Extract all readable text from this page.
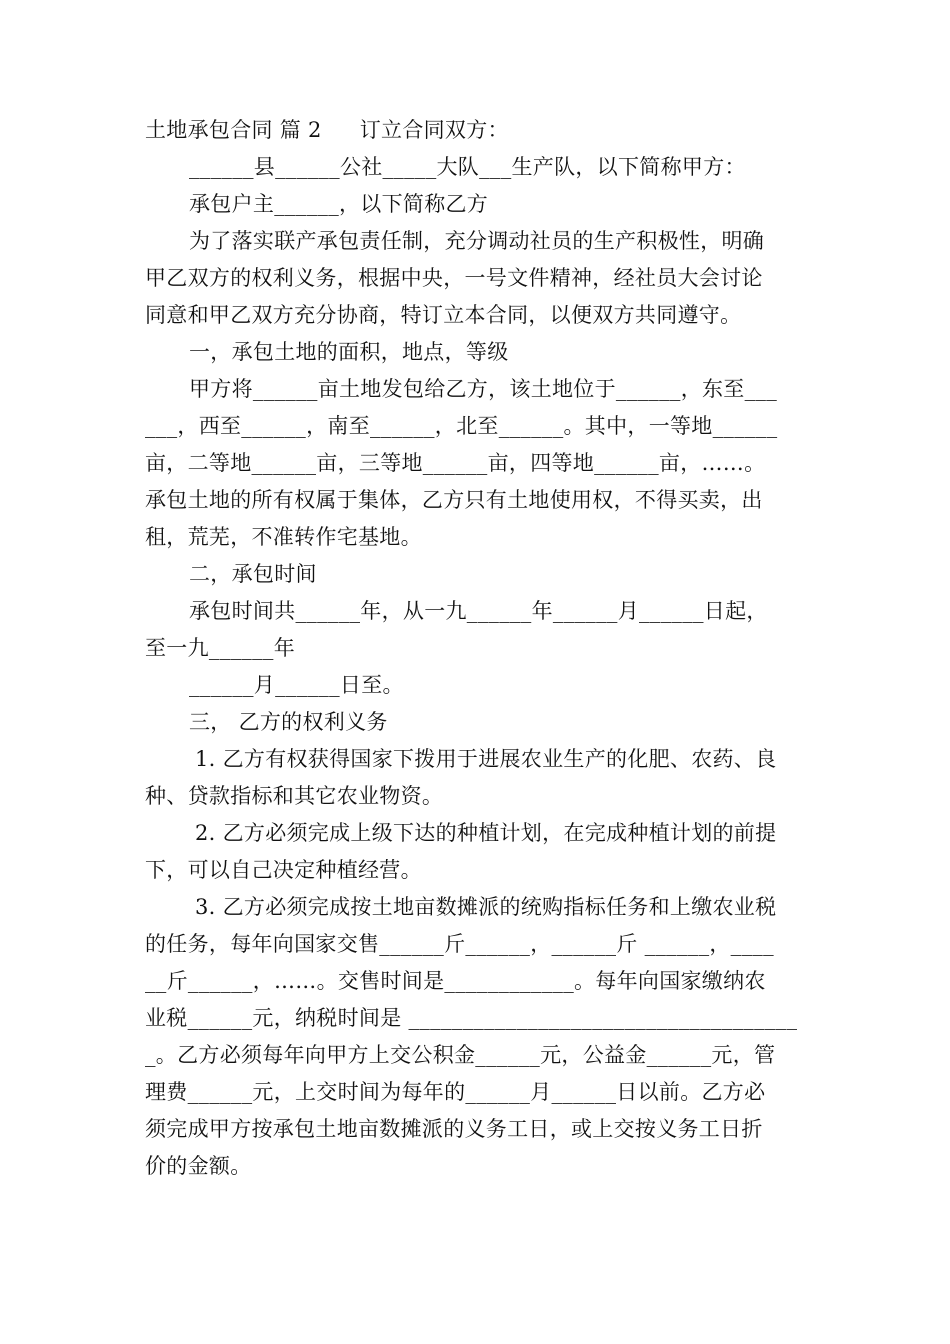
土地承包合同 篇 2 订立合同双方：
______县______公社_____大队___生产队，以下简称甲方：
承包户主______，以下简称乙方
为了落实联产承包责任制，充分调动社员的生产积极性，明确
甲乙双方的权利义务，根据中央，一号文件精神，经社员大会讨论
同意和甲乙双方充分协商，特订立本合同，以便双方共同遵守。
一，承包土地的面积，地点，等级
甲方将______亩土地发包给乙方，该土地位于______，东至___
___，西至______，南至______，北至______。其中，一等地______
亩，二等地______亩，三等地______亩，四等地______亩，……。
承包土地的所有权属于集体，乙方只有土地使用权，不得买卖，出
租，荒芜，不准转作宅基地。
二，承包时间
承包时间共______年，从一九______年______月______日起，
至一九______年
______月______日至。
三， 乙方的权利义务
1. 乙方有权获得国家下拨用于进展农业生产的化肥、农药、良
种、贷款指标和其它农业物资。
2. 乙方必须完成上级下达的种植计划，在完成种植计划的前提
下，可以自己决定种植经营。
3. 乙方必须完成按土地亩数摊派的统购指标任务和上缴农业税
的任务，每年向国家交售______斤______，______斤 ______，____
__斤______，……。交售时间是____________。每年向国家缴纳农
业税______元，纳税时间是 ____________________________________
_。乙方必须每年向甲方上交公积金______元，公益金______元，管
理费______元，上交时间为每年的______月______日以前。乙方必
须完成甲方按承包土地亩数摊派的义务工日，或上交按义务工日折
价的金额。
